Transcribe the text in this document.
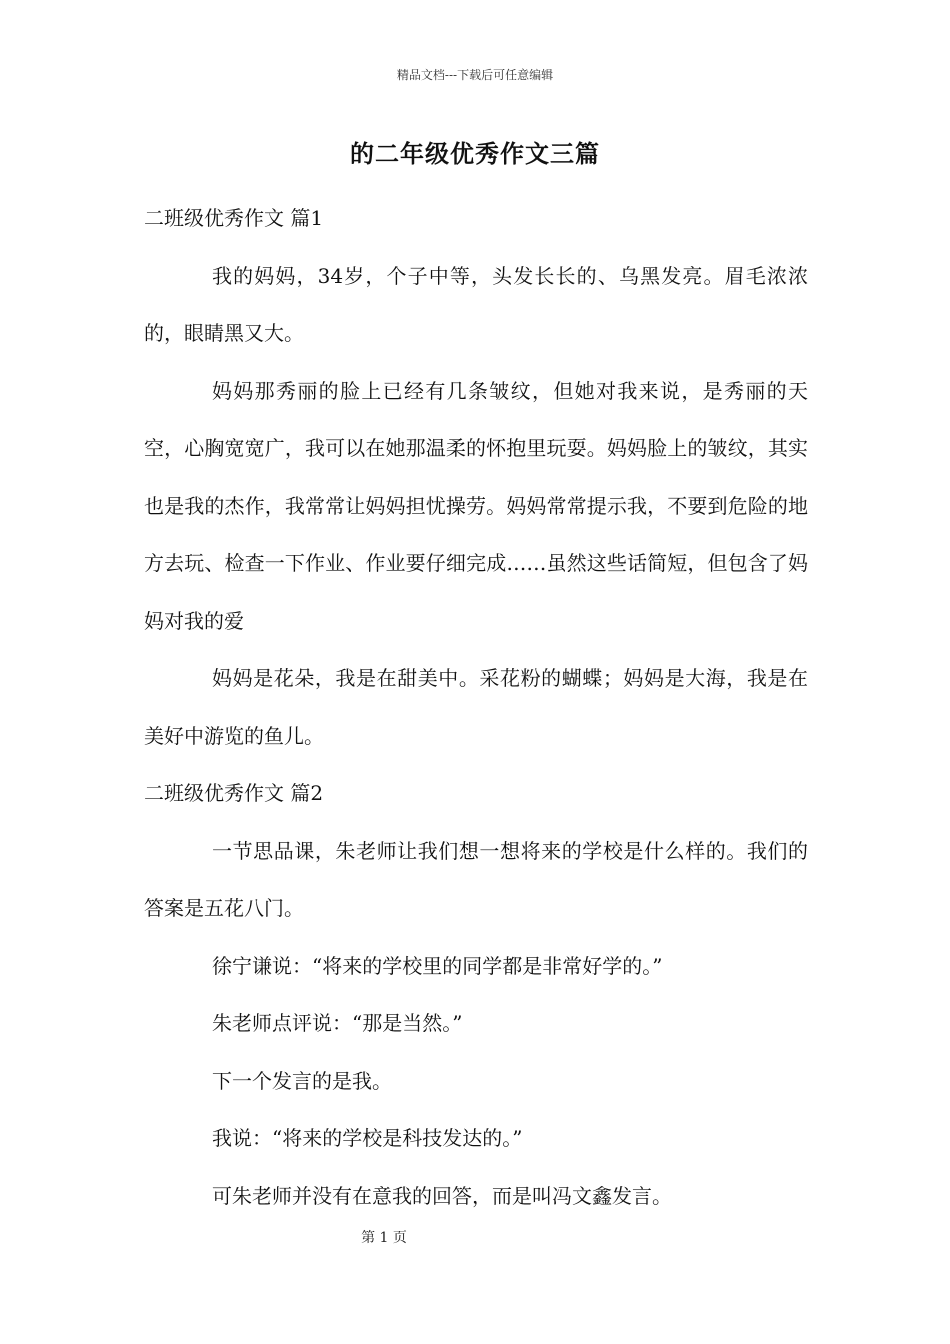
精品文档---下载后可任意编辑
的二年级优秀作文三篇

二班级优秀作文 篇1

我的妈妈，34岁，个子中等，头发长长的、乌黑发亮。眉毛浓浓的，眼睛黑又大。

妈妈那秀丽的脸上已经有几条皱纹，但她对我来说，是秀丽的天空，心胸宽宽广，我可以在她那温柔的怀抱里玩耍。妈妈脸上的皱纹，其实也是我的杰作，我常常让妈妈担忧操劳。妈妈常常提示我，不要到危险的地方去玩、检查一下作业、作业要仔细完成……虽然这些话简短，但包含了妈妈对我的爱

妈妈是花朵，我是在甜美中。采花粉的蝴蝶；妈妈是大海，我是在美好中游览的鱼儿。

二班级优秀作文 篇2

一节思品课，朱老师让我们想一想将来的学校是什么样的。我们的答案是五花八门。

徐宁谦说：“将来的学校里的同学都是非常好学的。”

朱老师点评说：“那是当然。”

下一个发言的是我。

我说：“将来的学校是科技发达的。”

可朱老师并没有在意我的回答，而是叫冯文鑫发言。

第 1 页
